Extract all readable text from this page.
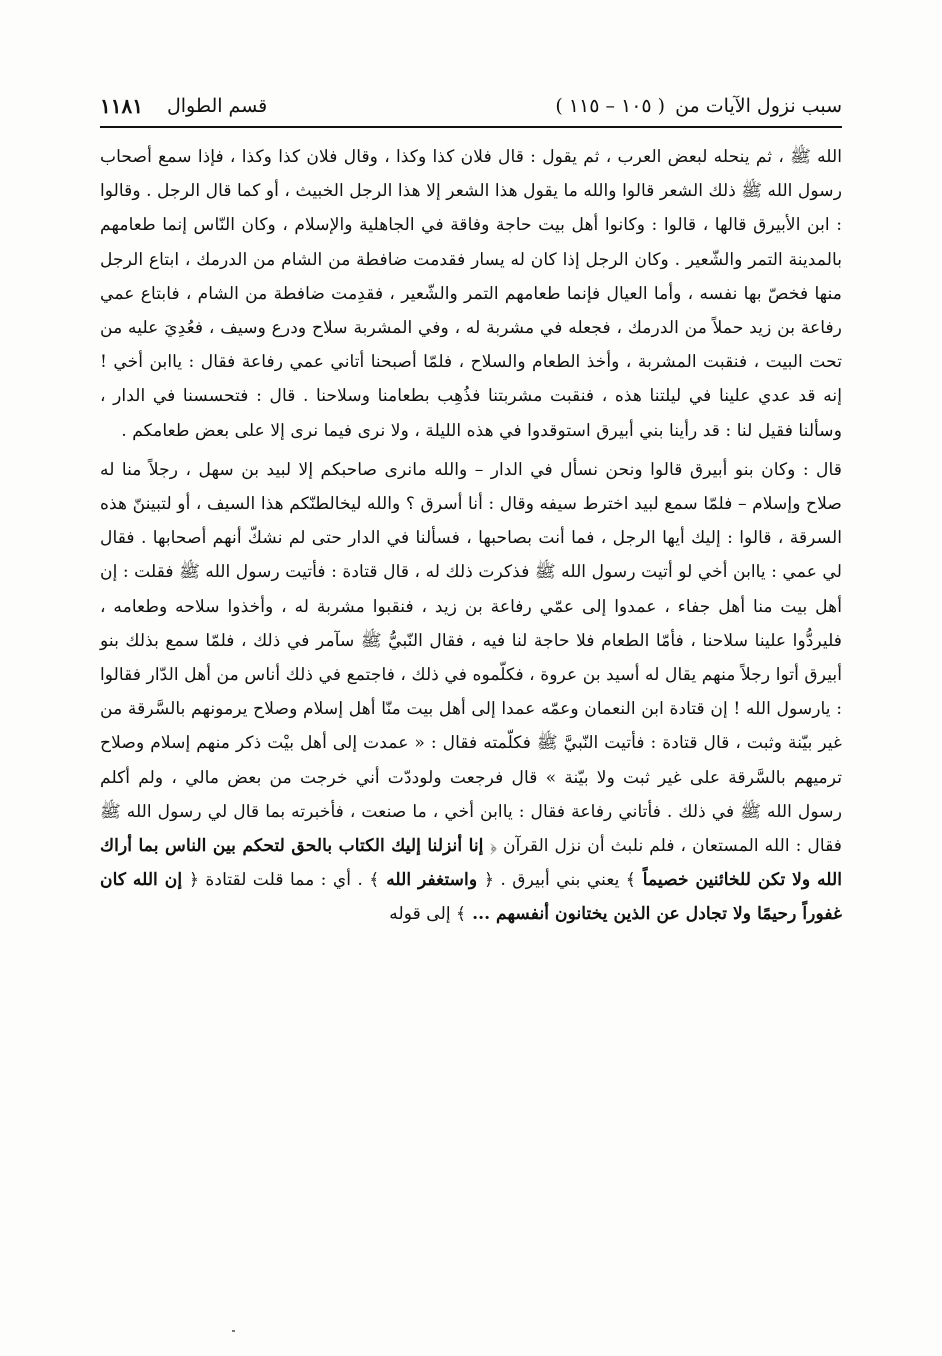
سبب نزول الآيات من
( ١٠٥ – ١١٥ )
قسم الطوال
١١٨١

الله ﷺ ، ثم ينحله لبعض العرب ، ثم يقول : قال فلان كذا وكذا ، وقال فلان كذا وكذا ، فإذا سمع أصحاب رسول الله ﷺ ذلك الشعر قالوا والله ما يقول هذا الشعر إلا هذا الرجل الخبيث ، أو كما قال الرجل . وقالوا : ابن الأبيرق قالها ، قالوا : وكانوا أهل بيت حاجة وفاقة في الجاهلية والإسلام ، وكان النّاس إنما طعامهم بالمدينة التمر والشّعير . وكان الرجل إذا كان له يسار فقدمت ضافطة من الشام من الدرمك ، ابتاع الرجل منها فخصّ بها نفسه ، وأما العيال فإنما طعامهم التمر والشّعير ، فقدِمت ضافطة من الشام ، فابتاع عمي رفاعة بن زيد حملاً من الدرمك ، فجعله في مشربة له ، وفي المشربة سلاح ودرع وسيف ، فعُدِيَ عليه من تحت البيت ، فنقبت المشربة ، وأخذ الطعام والسلاح ، فلمّا أصبحنا أتاني عمي رفاعة فقال : ياابن أخي ! إنه قد عدي علينا في ليلتنا هذه ، فنقبت مشربتنا فذُهِب بطعامنا وسلاحنا . قال : فتحسسنا في الدار ، وسألنا فقيل لنا : قد رأينا بني أبيرق استوقدوا في هذه الليلة ، ولا نرى فيما نرى إلا على بعض طعامكم .

قال : وكان بنو أبيرق قالوا ونحن نسأل في الدار – والله مانرى صاحبكم إلا لبيد بن سهل ، رجلاً منا له صلاح وإسلام – فلمّا سمع لبيد اخترط سيفه وقال : أنا أسرق ؟ والله ليخالطنّكم هذا السيف ، أو لتبيننّ هذه السرقة ، قالوا : إليك أيها الرجل ، فما أنت بصاحبها ، فسألنا في الدار حتى لم نشكّ أنهم أصحابها . فقال لي عمي : ياابن أخي لو أتيت رسول الله ﷺ فذكرت ذلك له ، قال قتادة : فأتيت رسول الله ﷺ فقلت : إن أهل بيت منا أهل جفاء ، عمدوا إلى عمّي رفاعة بن زيد ، فنقبوا مشربة له ، وأخذوا سلاحه وطعامه ، فليردُّوا علينا سلاحنا ، فأمّا الطعام فلا حاجة لنا فيه ، فقال النّبيُّ ﷺ سآمر في ذلك ، فلمّا سمع بذلك بنو أبيرق أتوا رجلاً منهم يقال له أسيد بن عروة ، فكلّموه في ذلك ، فاجتمع في ذلك أناس من أهل الدّار فقالوا : يارسول الله ! إن قتادة ابن النعمان وعمّه عمدا إلى أهل بيت منّا أهل إسلام وصلاح يرمونهم بالسَّرقة من غير بيّنة وثبت ، قال قتادة : فأتيت النّبيَّ ﷺ فكلّمته فقال : « عمدت إلى أهل بيْت ذكر منهم إسلام وصلاح ترميهم بالسَّرقة على غير ثبت ولا بيّنة » قال فرجعت ولوددّت أني خرجت من بعض مالي ، ولم أكلم رسول الله ﷺ في ذلك . فأتاني رفاعة فقال : ياابن أخي ، ما صنعت ، فأخبرته بما قال لي رسول الله ﷺ فقال : الله المستعان ، فلم نلبث أن نزل القرآن ﴿ إنا أنزلنا إليك الكتاب بالحق لتحكم بين الناس بما أراك الله ولا تكن للخائنين خصيماً ﴾ يعني بني أبيرق . ﴿ واستغفر الله ﴾ . أي : مما قلت لقتادة ﴿ إن الله كان غفوراً رحيمًا ولا تجادل عن الذين يختانون أنفسهم ... ﴾ إلى قوله
